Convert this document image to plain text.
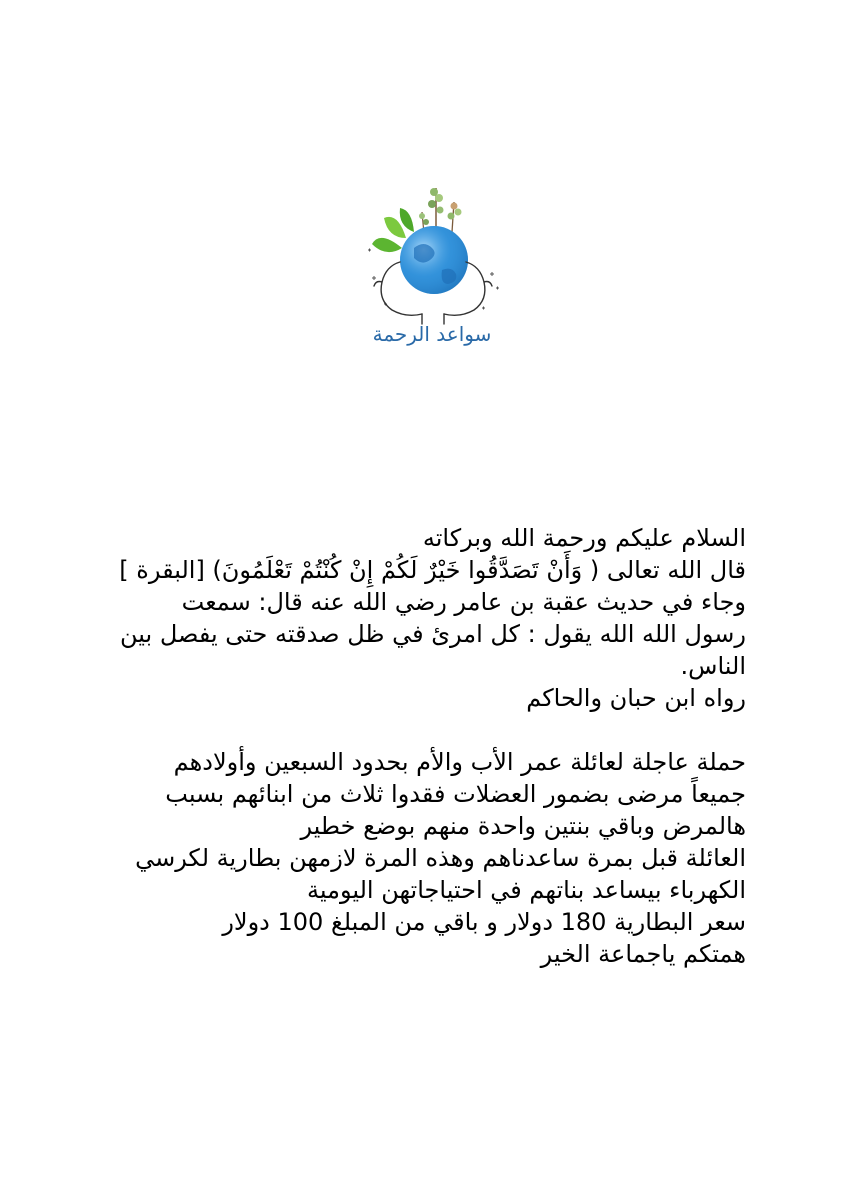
سواعد الرحمة

السلام عليكم ورحمة الله وبركاته

قال الله تعالى ( وَأَنْ تَصَدَّقُوا خَيْرٌ لَكُمْ إِنْ كُنْتُمْ تَعْلَمُونَ) [البقرة ]

وجاء في حديث عقبة بن عامر رضي الله عنه قال: سمعت رسول الله الله يقول : كل امرئ في ظل صدقته حتى يفصل بين الناس.

رواه ابن حبان والحاكم

حملة عاجلة لعائلة عمر الأب والأم بحدود السبعين وأولادهم جميعاً مرضى بضمور العضلات فقدوا ثلاث من ابنائهم بسبب هالمرض وباقي بنتين واحدة منهم بوضع خطير

العائلة قبل بمرة ساعدناهم وهذه المرة لازمهن بطارية لكرسي الكهرباء بيساعد بناتهم في احتياجاتهن اليومية

سعر البطارية 180 دولار و باقي من المبلغ 100 دولار

همتكم ياجماعة الخير
